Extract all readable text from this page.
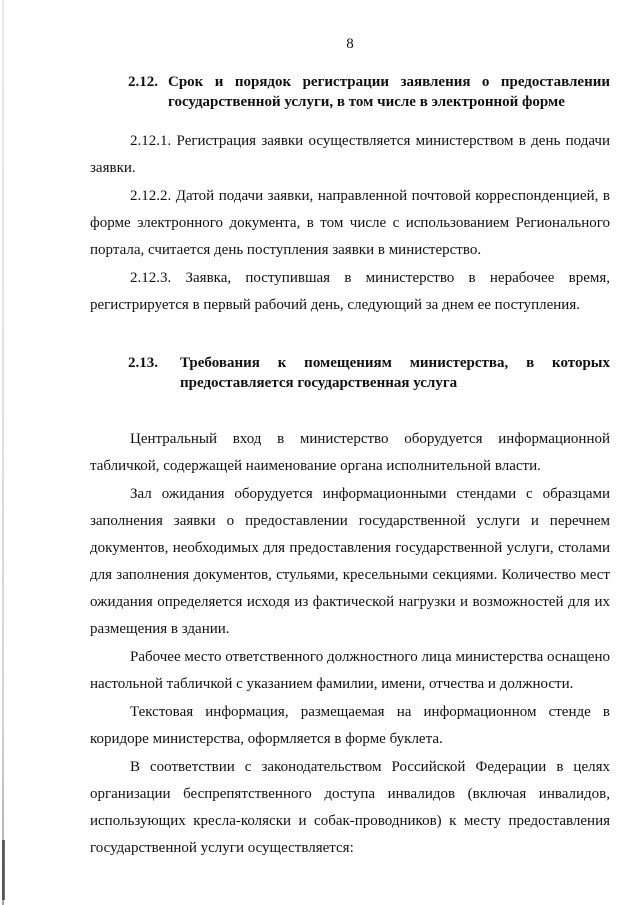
8
2.12. Срок и порядок регистрации заявления о предоставлении государственной услуги, в том числе в электронной форме

2.12.1. Регистрация заявки осуществляется министерством в день подачи заявки.

2.12.2. Датой подачи заявки, направленной почтовой корреспонденцией, в форме электронного документа, в том числе с использованием Регионального портала, считается день поступления заявки в министерство.

2.12.3. Заявка, поступившая в министерство в нерабочее время, регистрируется в первый рабочий день, следующий за днем ее поступления.

2.13. Требования к помещениям министерства, в которых предоставляется государственная услуга

Центральный вход в министерство оборудуется информационной табличкой, содержащей наименование органа исполнительной власти.

Зал ожидания оборудуется информационными стендами с образцами заполнения заявки о предоставлении государственной услуги и перечнем документов, необходимых для предоставления государственной услуги, столами для заполнения документов, стульями, кресельными секциями. Количество мест ожидания определяется исходя из фактической нагрузки и возможностей для их размещения в здании.

Рабочее место ответственного должностного лица министерства оснащено настольной табличкой с указанием фамилии, имени, отчества и должности.

Текстовая информация, размещаемая на информационном стенде в коридоре министерства, оформляется в форме буклета.

В соответствии с законодательством Российской Федерации в целях организации беспрепятственного доступа инвалидов (включая инвалидов, использующих кресла-коляски и собак-проводников) к месту предоставления государственной услуги осуществляется:
